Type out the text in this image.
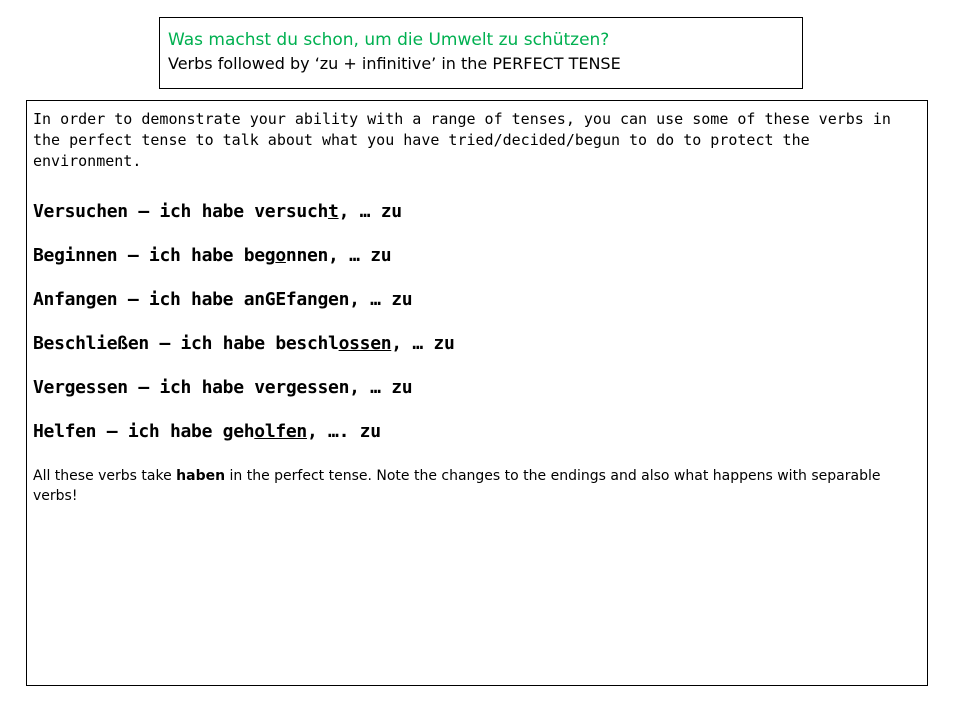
Was machst du schon, um die Umwelt zu schützen?
Verbs followed by ‘zu + infinitive’ in the PERFECT TENSE
In order to demonstrate your ability with a range of tenses, you can use some of these verbs in the perfect tense to talk about what you have tried/decided/begun to do to protect the environment.
Versuchen — ich habe versucht, … zu
Beginnen — ich habe begonnen, … zu
Anfangen — ich habe anGEfangen, … zu
Beschließen — ich habe beschlossen, … zu
Vergessen — ich habe vergessen, … zu
Helfen — ich habe geholfen, …. zu
All these verbs take haben in the perfect tense. Note the changes to the endings and also what happens with separable verbs!
